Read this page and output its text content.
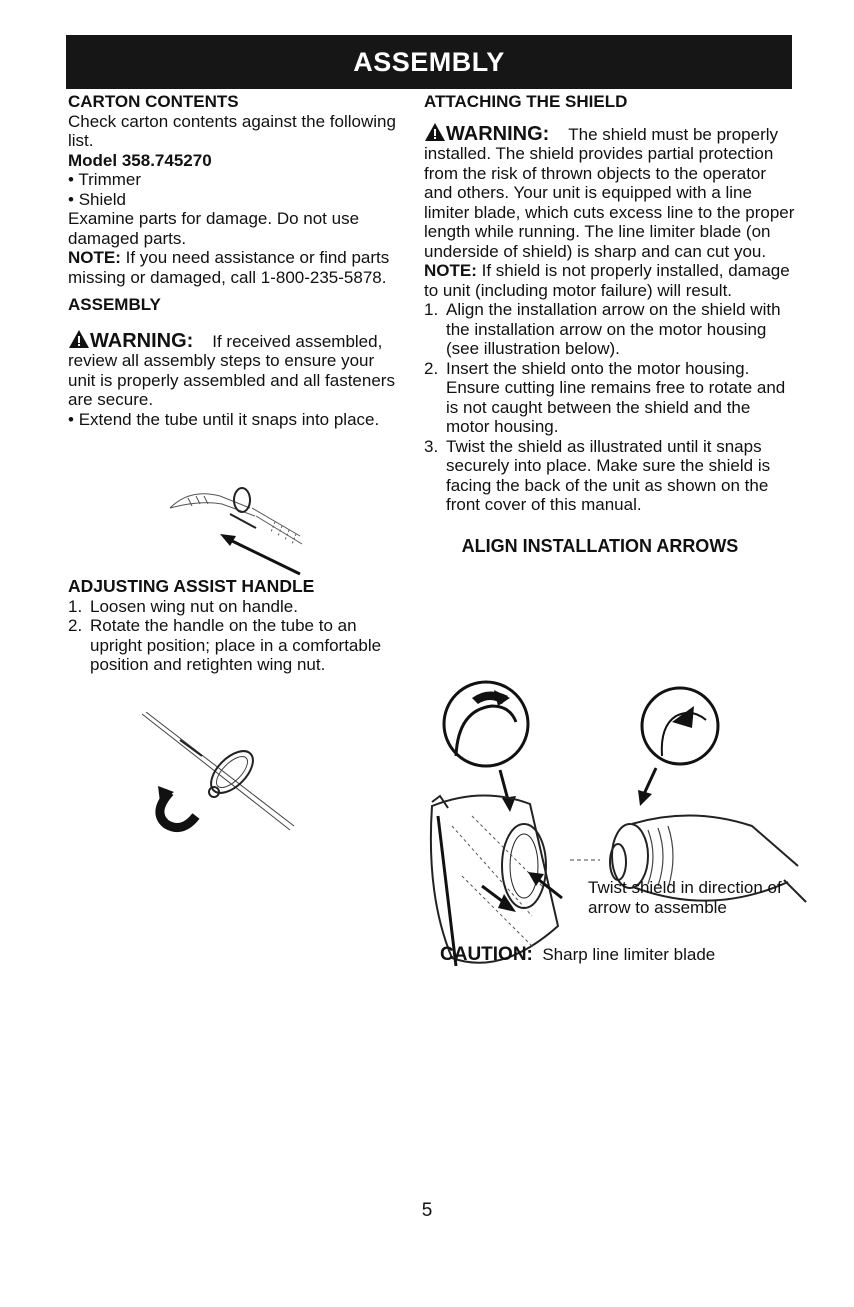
ASSEMBLY

CARTON CONTENTS

Check carton contents against the following list.

Model 358.745270

• Trimmer

• Shield

Examine parts for damage. Do not use damaged parts.

NOTE: If you need assistance or find parts missing or damaged, call 1-800-235-5878.

ASSEMBLY

WARNING: If received assembled, review all assembly steps to ensure your unit is properly assembled and all fasteners are secure.

• Extend the tube until it snaps into place.

ADJUSTING ASSIST HANDLE

1. Loosen wing nut on handle.
2. Rotate the handle on the tube to an upright position; place in a comfortable position and retighten wing nut.

ATTACHING THE SHIELD

WARNING: The shield must be properly installed. The shield provides partial protection from the risk of thrown objects to the operator and others. Your unit is equipped with a line limiter blade, which cuts excess line to the proper length while running. The line limiter blade (on underside of shield) is sharp and can cut you.

NOTE: If shield is not properly installed, damage to unit (including motor failure) will result.

1. Align the installation arrow on the shield with the installation arrow on the motor housing (see illustration below).
2. Insert the shield onto the motor housing. Ensure cutting line remains free to rotate and is not caught between the shield and the motor housing.
3. Twist the shield as illustrated until it snaps securely into place. Make sure the shield is facing the back of the unit as shown on the front cover of this manual.

ALIGN INSTALLATION ARROWS

Twist shield in direction of arrow to assemble
CAUTION: Sharp line limiter blade
5
